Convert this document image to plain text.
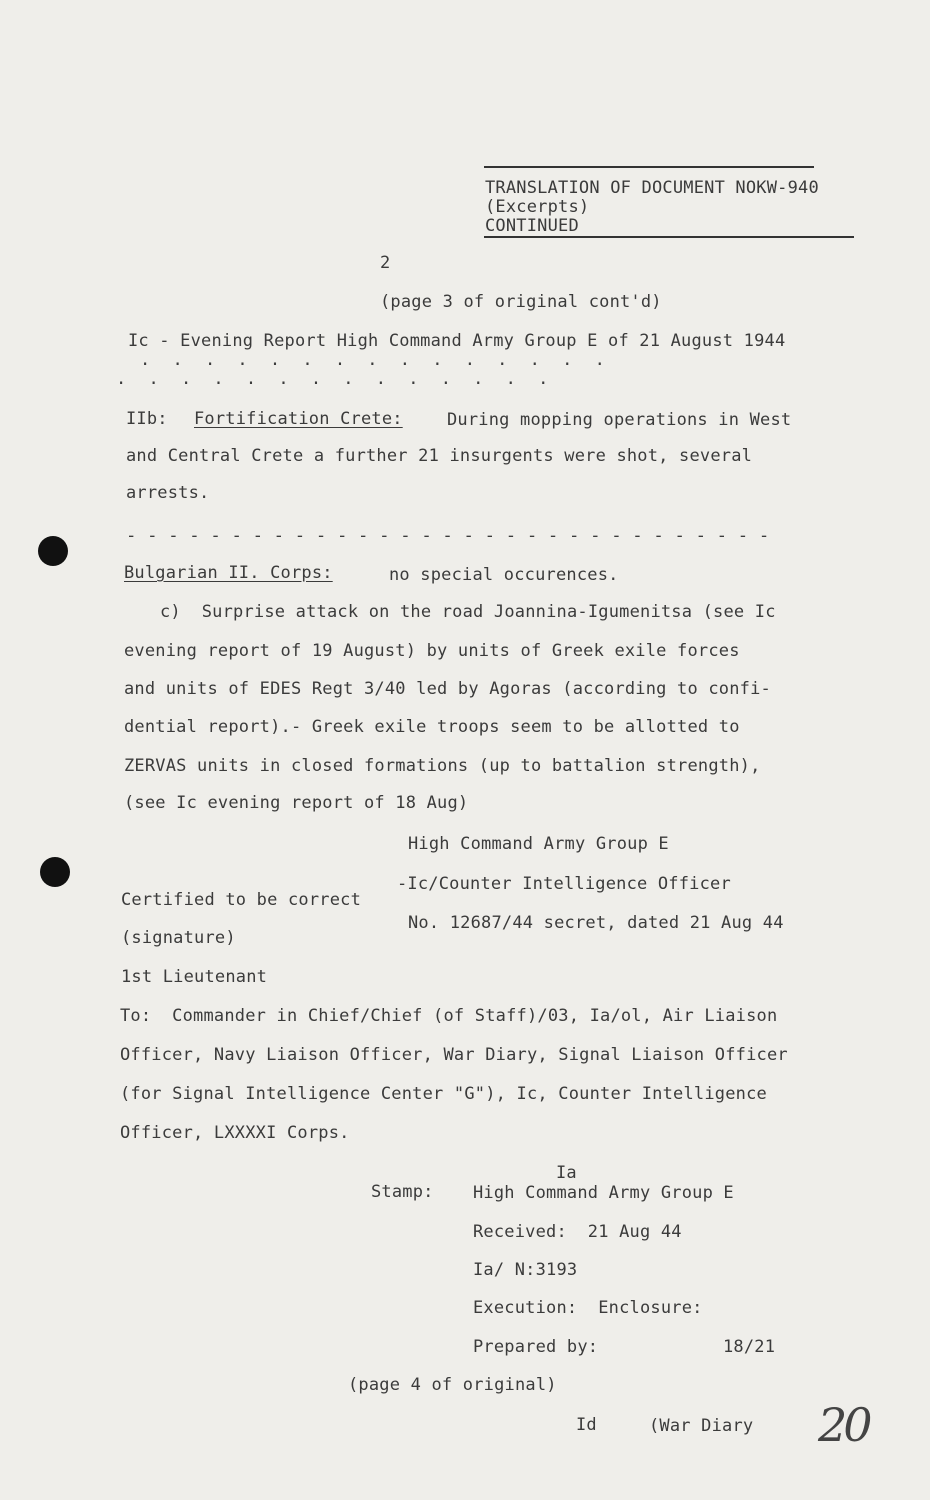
TRANSLATION OF DOCUMENT NOKW-940
(Excerpts)
CONTINUED
2
(page 3 of original cont'd)
Ic - Evening Report High Command Army Group E of 21 August 1944
. . . . . . . . . . . . . . .
. . . . . . . . . . . . . .
IIb: Fortification Crete:	During mopping operations in West
and Central Crete a further 21 insurgents were shot, several
arrests.
- - - - - - - - - - - - - - - - - - - - - - - - - - - - - - -
Bulgarian II. Corps:	no special occurences.
c)  Surprise attack on the road Joannina-Igumenitsa (see Ic
evening report of 19 August) by units of Greek exile forces
and units of EDES Regt 3/40 led by Agoras (according to confi-
dential report).- Greek exile troops seem to be allotted to
ZERVAS units in closed formations (up to battalion strength),
(see Ic evening report of 18 Aug)
High Command Army Group E
-Ic/Counter Intelligence Officer
No. 12687/44 secret, dated 21 Aug 44
Certified to be correct
(signature)
1st Lieutenant
To:  Commander in Chief/Chief (of Staff)/03, Ia/ol, Air Liaison
Officer, Navy Liaison Officer, War Diary, Signal Liaison Officer
(for Signal Intelligence Center "G"), Ic, Counter Intelligence
Officer, LXXXXI Corps.
Ia
Stamp: High Command Army Group E
Received:  21 Aug 44
Ia/ N:3193
Execution:  Enclosure:
Prepared by:	18/21
(page 4 of original)
Id	(War Diary 20
